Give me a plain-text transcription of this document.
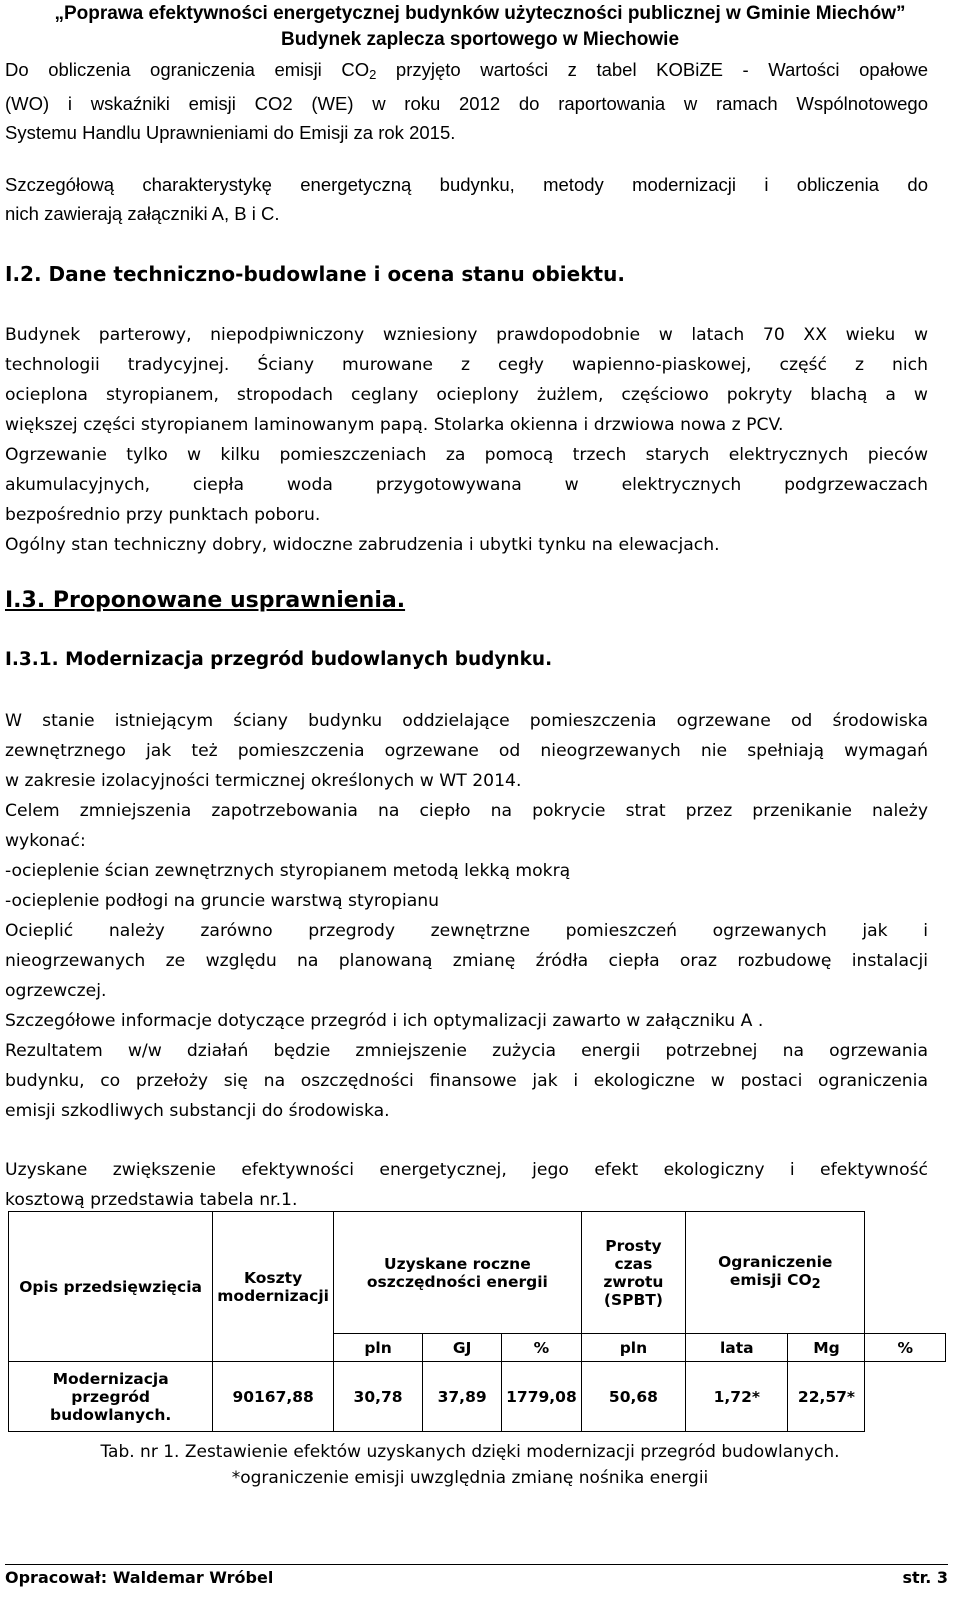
„Poprawa efektywności energetycznej budynków użyteczności publicznej w Gminie Miechów”
Budynek zaplecza sportowego w Miechowie

Do obliczenia ograniczenia emisji $CO_2$ przyjęto wartości z tabel KOBiZE - Wartości opałowe
(WO) i wskaźniki emisji CO2 (WE) w roku 2012 do raportowania w ramach Wspólnotowego
Systemu Handlu Uprawnieniami do Emisji za rok 2015.

Szczegółową charakterystykę energetyczną budynku, metody modernizacji i obliczenia do
nich zawierają załączniki A, B i C.

I.2. Dane techniczno-budowlane i ocena stanu obiektu.

Budynek parterowy, niepodpiwniczony wzniesiony prawdopodobnie w latach 70 XX wieku w
technologii tradycyjnej. Ściany murowane z cegły wapienno-piaskowej, część z nich
ocieplona styropianem, stropodach ceglany ocieplony żużlem, częściowo pokryty blachą a w
większej części styropianem laminowanym papą. Stolarka okienna i drzwiowa nowa z PCV.
Ogrzewanie tylko w kilku pomieszczeniach za pomocą trzech starych elektrycznych pieców
akumulacyjnych, ciepła woda przygotowywana w elektrycznych podgrzewaczach
bezpośrednio przy punktach poboru.
Ogólny stan techniczny dobry, widoczne zabrudzenia i ubytki tynku na elewacjach.

I.3. Proponowane usprawnienia.
I.3.1. Modernizacja przegród budowlanych budynku.

W stanie istniejącym ściany budynku oddzielające pomieszczenia ogrzewane od środowiska
zewnętrznego jak też pomieszczenia ogrzewane od nieogrzewanych nie spełniają wymagań
w zakresie izolacyjności termicznej określonych w WT 2014.
Celem zmniejszenia zapotrzebowania na ciepło na pokrycie strat przez przenikanie należy
wykonać:
-ocieplenie ścian zewnętrznych styropianem metodą lekką mokrą
-ocieplenie podłogi na gruncie warstwą styropianu
Ocieplić należy zarówno przegrody zewnętrzne pomieszczeń ogrzewanych jak i
nieogrzewanych ze względu na planowaną zmianę źródła ciepła oraz rozbudowę instalacji
ogrzewczej.
Szczegółowe informacje dotyczące przegród i ich optymalizacji zawarto w załączniku A .
Rezultatem w/w działań będzie zmniejszenie zużycia energii potrzebnej na ogrzewania
budynku, co przełoży się na oszczędności finansowe jak i ekologiczne w postaci ograniczenia
emisji szkodliwych substancji do środowiska.

Uzyskane zwiększenie efektywności energetycznej, jego efekt ekologiczny i efektywność
kosztową przedstawia tabela nr.1.

Opis przedsięwzięcia	Koszty modernizacji	Uzyskane roczne oszczędności energii			Prosty czas zwrotu (SPBT)	Ograniczenie emisji $CO_2$
		pln	GJ	%	pln	lata	Mg	%
Modernizacja przegród budowlanych.	90167,88	30,78	37,89	1779,08	50,68	1,72*	22,57*	
Tab. nr 1. Zestawienie efektów uzyskanych dzięki modernizacji przegród budowlanych.
*ograniczenie emisji uwzględnia zmianę nośnika energii
Opracował: Waldemar Wróbel	str. 3
